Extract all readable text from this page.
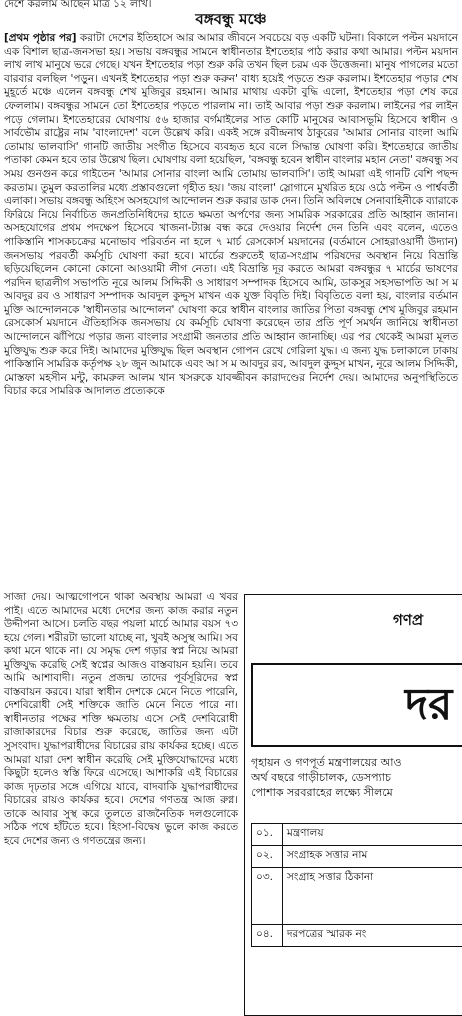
দেশে করলাম আছেন মাত্র ১২ লাখ।
বঙ্গবন্ধু মঞ্চে

[প্রথম পৃষ্ঠার পর] করাটা দেশের ইতিহাসে আর আমার জীবনে সবচেয়ে বড় একটি ঘটনা। বিকালে পল্টন ময়দানে এক বিশাল ছাত্র-জনসভা হয়। সভায় বঙ্গবন্ধুর সামনে স্বাধীনতার ইশতেহার পাঠ করার কথা আমার। পল্টন ময়দান লাখ লাখ মানুষে ভরে গেছে। যখন ইশতেহার পড়া শুরু করি তখন ছিল চরম এক উত্তেজনা। মানুষ পাগলের মতো বারবার বলছিল 'পড়ুন। এখনই ইশতেহার পড়া শুরু করুন' বাধ্য হয়েই পড়তে শুরু করলাম। ইশতেহার পড়ার শেষ মুহূর্তে মঞ্চে এলেন বঙ্গবন্ধু শেখ মুজিবুর রহমান। আমার মাথায় একটা বুদ্ধি এলো, ইশতেহার পড়া শেষ করে ফেললাম। বঙ্গবন্ধুর সামনে তো ইশতেহার পড়তে পারলাম না। তাই আবার পড়া শুরু করলাম। লাইনের পর লাইন পড়ে গেলাম। ইশতেহারের ঘোষণায় ৫৬ হাজার বর্গমাইলের সাত কোটি মানুষের আবাসভূমি হিসেবে স্বাধীন ও সার্বভৌম রাষ্ট্রের নাম 'বাংলাদেশ' বলে উল্লেখ করি। একই সঙ্গে রবীন্দ্রনাথ ঠাকুরের 'আমার সোনার বাংলা আমি তোমায় ভালবাসি' গানটি জাতীয় সংগীত হিসেবে ব্যবহৃত হবে বলে সিদ্ধান্ত ঘোষণা করি। ইশতেহারে জাতীয় পতাকা কেমন হবে তার উল্লেখ ছিল। ঘোষণায় বলা হয়েছিল, 'বঙ্গবন্ধু হবেন স্বাধীন বাংলার মহান নেতা' বঙ্গবন্ধু সব সময় গুনগুন করে গাইতেন 'আমার সোনার বাংলা আমি তোমায় ভালবাসি'। তাই আমরা এই গানটি বেশি পছন্দ করতাম। তুমুল করতালির মধ্যে প্রস্তাবগুলো গৃহীত হয়। 'জয় বাংলা' স্লোগানে মুখরিত হয়ে ওঠে পল্টন ও পার্শ্ববর্তী এলাকা। সভায় বঙ্গবন্ধু অহিংস অসহযোগ আন্দোলন শুরু করার ডাক দেন। তিনি অবিলম্বে সেনাবাহিনীকে ব্যারাকে ফিরিয়ে নিয়ে নির্বাচিত জনপ্রতিনিধিদের হাতে ক্ষমতা অর্পণের জন্য সামরিক সরকারের প্রতি আহ্বান জানান। অসহযোগের প্রথম পদক্ষেপ হিসেবে খাজনা-ট্যাক্স বন্ধ করে দেওয়ার নির্দেশ দেন তিনি এবং বলেন, এতেও পাকিস্তানি শাসকচক্রের মনোভাব পরিবর্তন না হলে ৭ মার্চ রেসকোর্স ময়দানের (বর্তমানে সোহরাওয়ার্দী উদ্যান) জনসভায় পরবর্তী কর্মসূচি ঘোষণা করা হবে। মার্চের শুরুতেই ছাত্র-সংগ্রাম পরিষদের অবস্থান নিয়ে বিভ্রান্তি ছড়িয়েছিলেন কোনো কোনো আওয়ামী লীগ নেতা। এই বিভ্রান্তি দূর করতে আমরা বঙ্গবন্ধুর ৭ মার্চের ভাষণের পরদিন ছাত্রলীগ সভাপতি নূরে আলম সিদ্দিকী ও সাধারণ সম্পাদক হিসেবে আমি, ডাকসুর সহসভাপতি আ স ম আবদুর রব ও সাধারণ সম্পাদক আবদুল কুদ্দুস মাখন এক যুক্ত বিবৃতি দিই। বিবৃতিতে বলা হয়, বাংলার বর্তমান মুক্তি আন্দোলনকে 'স্বাধীনতার আন্দোলন' ঘোষণা করে স্বাধীন বাংলার জাতির পিতা বঙ্গবন্ধু শেখ মুজিবুর রহমান রেসকোর্স ময়দানে ঐতিহাসিক জনসভায় যে কর্মসূচি ঘোষণা করেছেন তার প্রতি পূর্ণ সমর্থন জানিয়ে স্বাধীনতা আন্দোলনে ঝাঁপিয়ে পড়ার জন্য বাংলার সংগ্রামী জনতার প্রতি আহ্বান জানাচ্ছি। এর পর থেকেই আমরা মূলত মুক্তিযুদ্ধ শুরু করে দিই। আমাদের মুক্তিযুদ্ধ ছিল অবস্থান গোপন রেখে গেরিলা যুদ্ধ। এ জন্য যুদ্ধ চলাকালে ঢাকায় পাকিস্তানি সামরিক কর্তৃপক্ষ ২৮ জুন আমাকে এবং আ স ম আবদুর রব, আবদুল কুদ্দুস মাখন, নূরে আলম সিদ্দিকী, মোস্তফা মহসীন মন্টু, কামরুল আলম খান খসরুকে যাবজ্জীবন কারাদণ্ডের নির্দেশ দেয়। আমাদের অনুপস্থিতিতে বিচার করে সামরিক আদালত প্রত্যেককে

সাজা দেয়। আত্মগোপনে থাকা অবস্থায় আমরা এ খবর পাই। এতে আমাদের মধ্যে দেশের জন্য কাজ করার নতুন উদ্দীপনা আসে। চলতি বছর পয়লা মার্চে আমার বয়স ৭৩ হয়ে গেল। শরীরটা ভালো যাচ্ছে না, খুবই অসুস্থ আমি। সব কথা মনে থাকে না। যে সমৃদ্ধ দেশ গড়ার স্বপ্ন নিয়ে আমরা মুক্তিযুদ্ধ করেছি সেই স্বপ্নের আজও বাস্তবায়ন হয়নি। তবে আমি আশাবাদী। নতুন প্রজন্ম তাদের পূর্বসূরিদের স্বপ্ন বাস্তবায়ন করবে। যারা স্বাধীন দেশকে মেনে নিতে পারেনি, দেশবিরোধী সেই শক্তিকে জাতি মেনে নিতে পারে না। স্বাধীনতার পক্ষের শক্তি ক্ষমতায় এসে সেই দেশবিরোধী রাজাকারদের বিচার শুরু করেছে, জাতির জন্য এটা সুসংবাদ। যুদ্ধাপরাধীদের বিচারের রায় কার্যকর হচ্ছে। এতে আমরা যারা দেশ স্বাধীন করেছি সেই মুক্তিযোদ্ধাদের মধ্যে কিছুটা হলেও স্বস্তি ফিরে এসেছে। আশাকরি এই বিচারের কাজ দৃঢ়তার সঙ্গে এগিয়ে যাবে, বাদবাকি যুদ্ধাপরাধীদের বিচারের রায়ও কার্যকর হবে। দেশের গণতন্ত্র আজ রুগ্ন। তাকে আবার সুস্থ করে তুলতে রাজনৈতিক দলগুলোকে সঠিক পথে হাঁটতে হবে। হিংসা-বিদ্বেষ ভুলে কাজ করতে হবে দেশের জন্য ও গণতন্ত্রের জন্য।

গণপ্র
দর

গৃহায়ন ও গণপূর্ত মন্ত্রণালয়ের আও

অর্থ বছরে গাড়ীচালক, ডেসপ্যাচ

পোশাক সরবরাহের লক্ষ্যে সীলমে

০১.	মন্ত্রণালয়
০২.	সংগ্রাহক সত্তার নাম
০৩.	সংগ্রাহ সত্তার ঠিকানা
০৪.	দরপত্রের স্মারক নং
